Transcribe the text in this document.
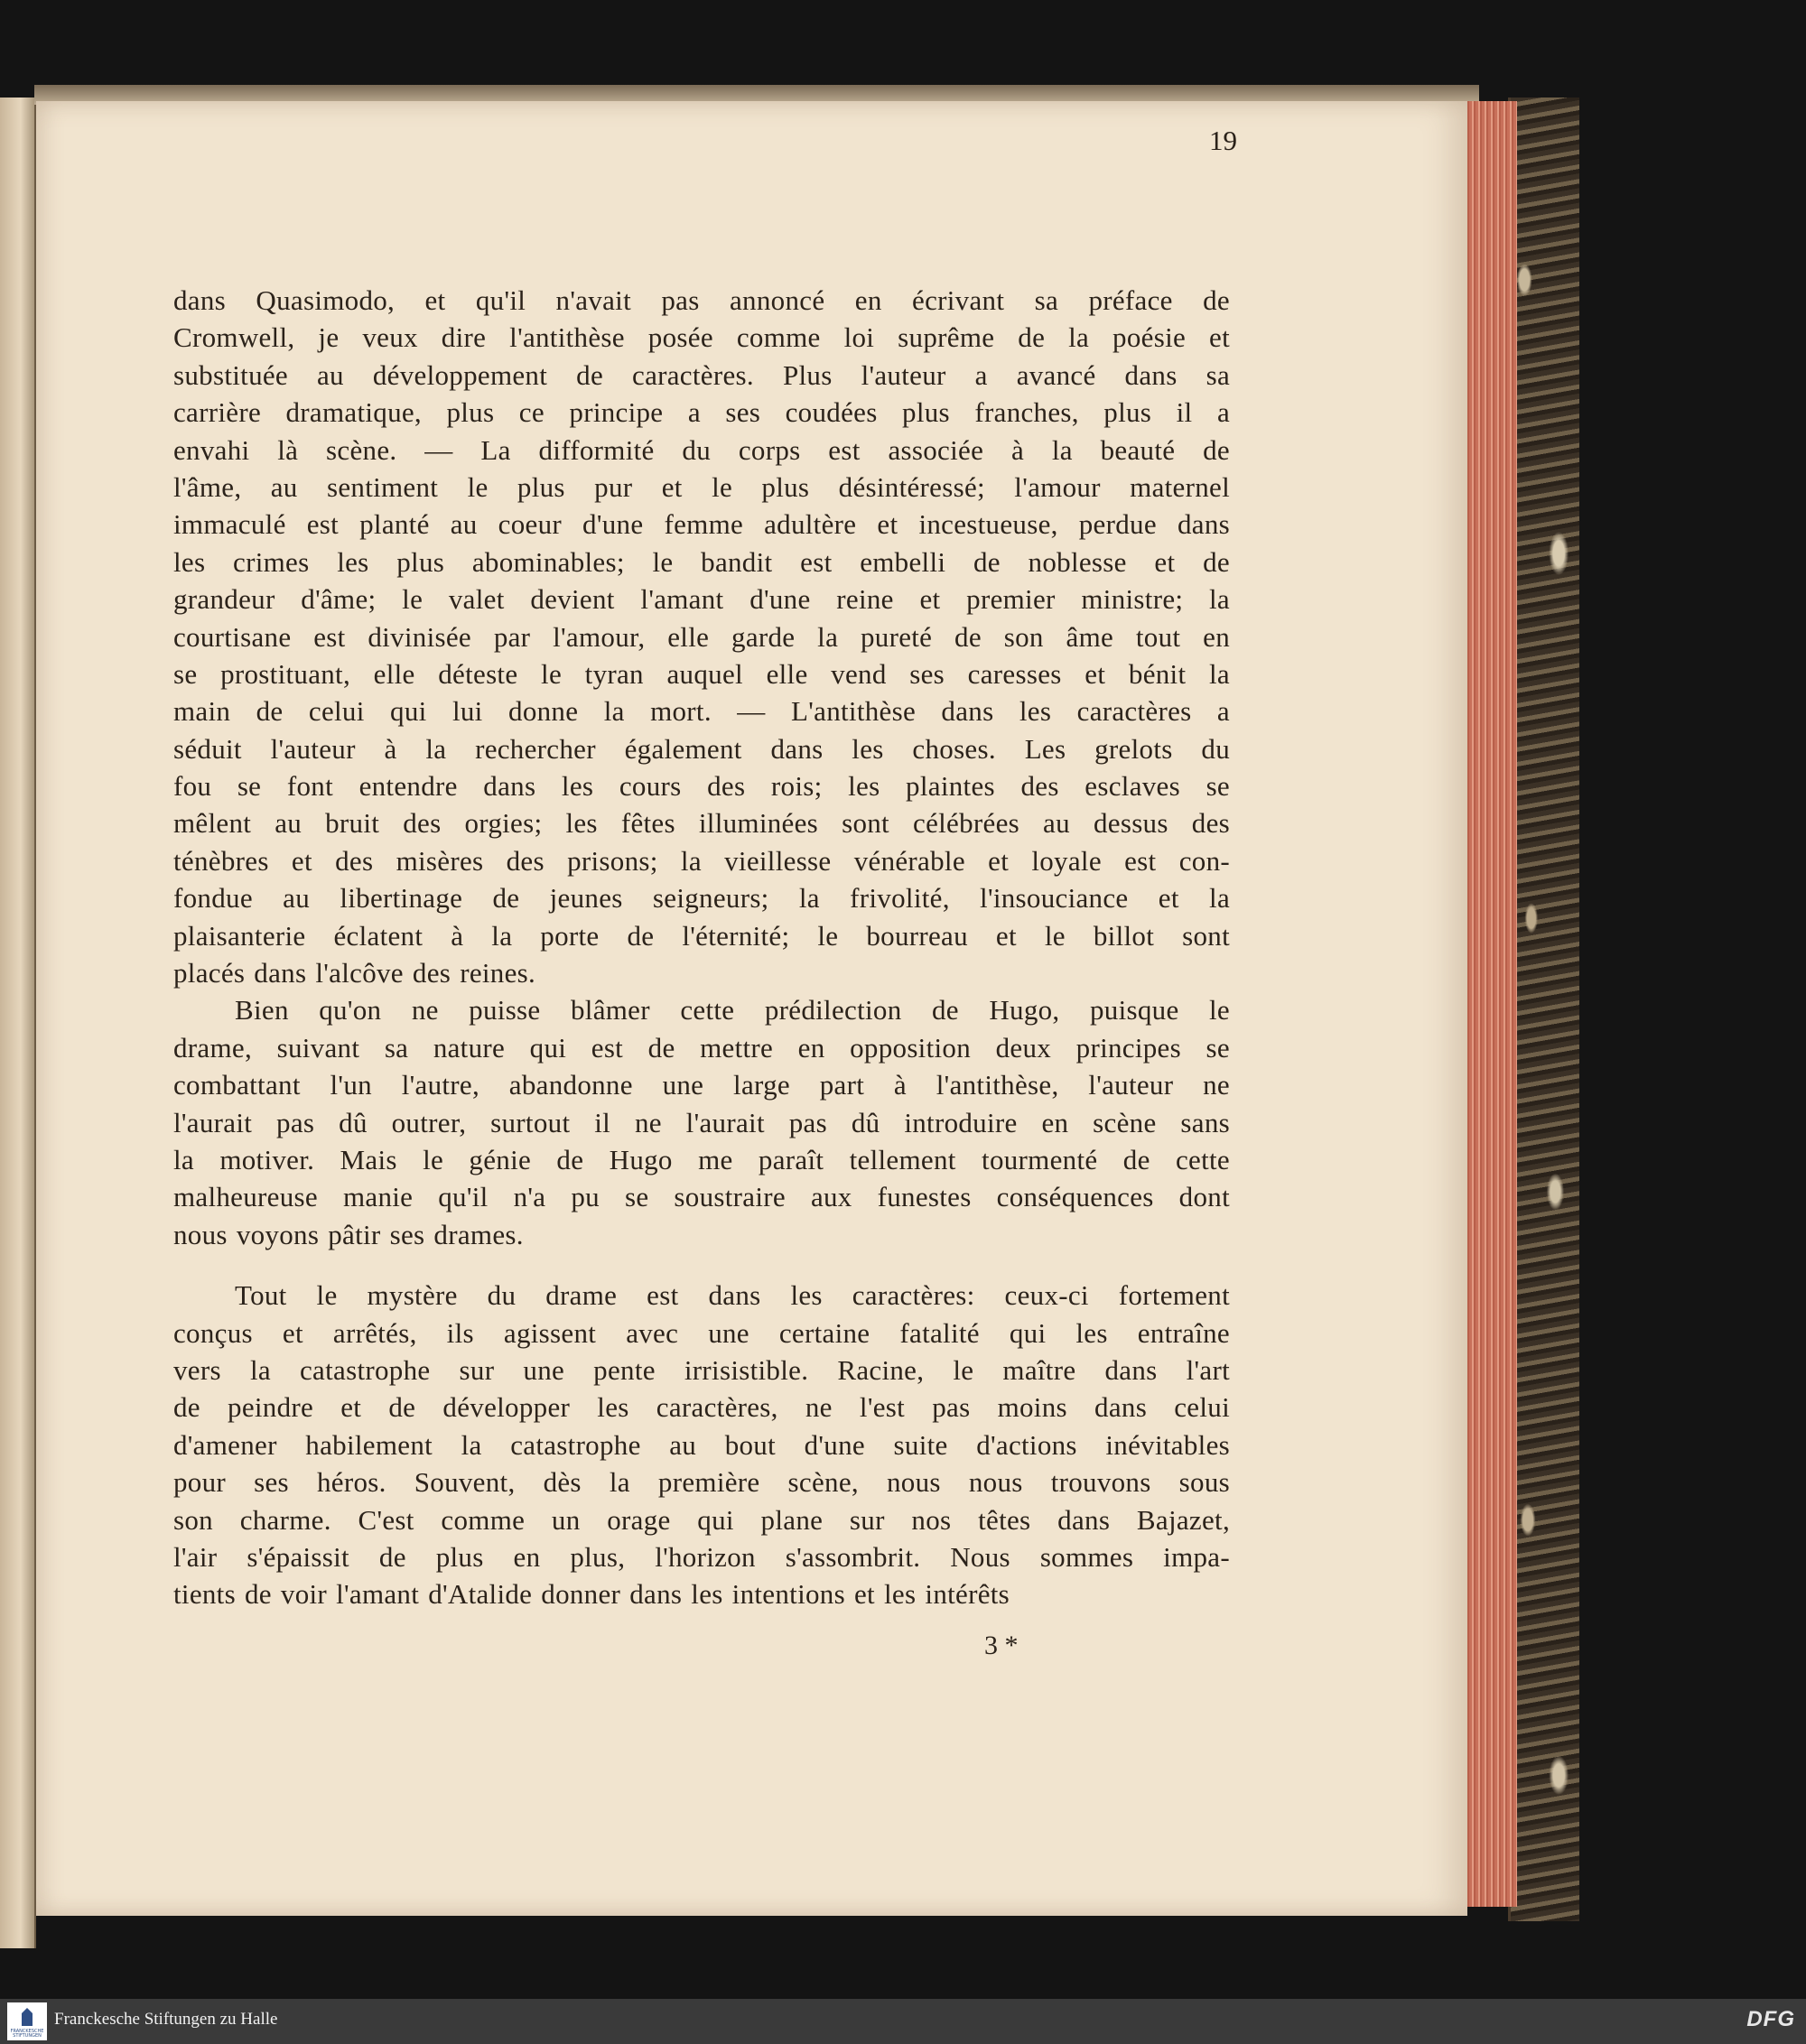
19
dans Quasimodo, et qu'il n'avait pas annoncé en écrivant sa préface de
Cromwell, je veux dire l'antithèse posée comme loi suprême de la poésie et
substituée au développement de caractères. Plus l'auteur a avancé dans sa
carrière dramatique, plus ce principe a ses coudées plus franches, plus il a
envahi là scène. — La difformité du corps est associée à la beauté de
l'âme, au sentiment le plus pur et le plus désintéressé; l'amour maternel
immaculé est planté au coeur d'une femme adultère et incestueuse, perdue dans
les crimes les plus abominables; le bandit est embelli de noblesse et de
grandeur d'âme; le valet devient l'amant d'une reine et premier ministre; la
courtisane est divinisée par l'amour, elle garde la pureté de son âme tout en
se prostituant, elle déteste le tyran auquel elle vend ses caresses et bénit la
main de celui qui lui donne la mort. — L'antithèse dans les caractères a
séduit l'auteur à la rechercher également dans les choses. Les grelots du
fou se font entendre dans les cours des rois; les plaintes des esclaves se
mêlent au bruit des orgies; les fêtes illuminées sont célébrées au dessus des
ténèbres et des misères des prisons; la vieillesse vénérable et loyale est con-
fondue au libertinage de jeunes seigneurs; la frivolité, l'insouciance et la
plaisanterie éclatent à la porte de l'éternité; le bourreau et le billot sont
placés dans l'alcôve des reines.
Bien qu'on ne puisse blâmer cette prédilection de Hugo, puisque le
drame, suivant sa nature qui est de mettre en opposition deux principes se
combattant l'un l'autre, abandonne une large part à l'antithèse, l'auteur ne
l'aurait pas dû outrer, surtout il ne l'aurait pas dû introduire en scène sans
la motiver. Mais le génie de Hugo me paraît tellement tourmenté de cette
malheureuse manie qu'il n'a pu se soustraire aux funestes conséquences dont
nous voyons pâtir ses drames.
Tout le mystère du drame est dans les caractères: ceux-ci fortement
conçus et arrêtés, ils agissent avec une certaine fatalité qui les entraîne
vers la catastrophe sur une pente irrisistible. Racine, le maître dans l'art
de peindre et de développer les caractères, ne l'est pas moins dans celui
d'amener habilement la catastrophe au bout d'une suite d'actions inévitables
pour ses héros. Souvent, dès la première scène, nous nous trouvons sous
son charme. C'est comme un orage qui plane sur nos têtes dans Bajazet,
l'air s'épaissit de plus en plus, l'horizon s'assombrit. Nous sommes impa-
tients de voir l'amant d'Atalide donner dans les intentions et les intérêts
3 *
FRANCKESCHE STIFTUNGEN
Franckesche Stiftungen zu Halle	DFG
